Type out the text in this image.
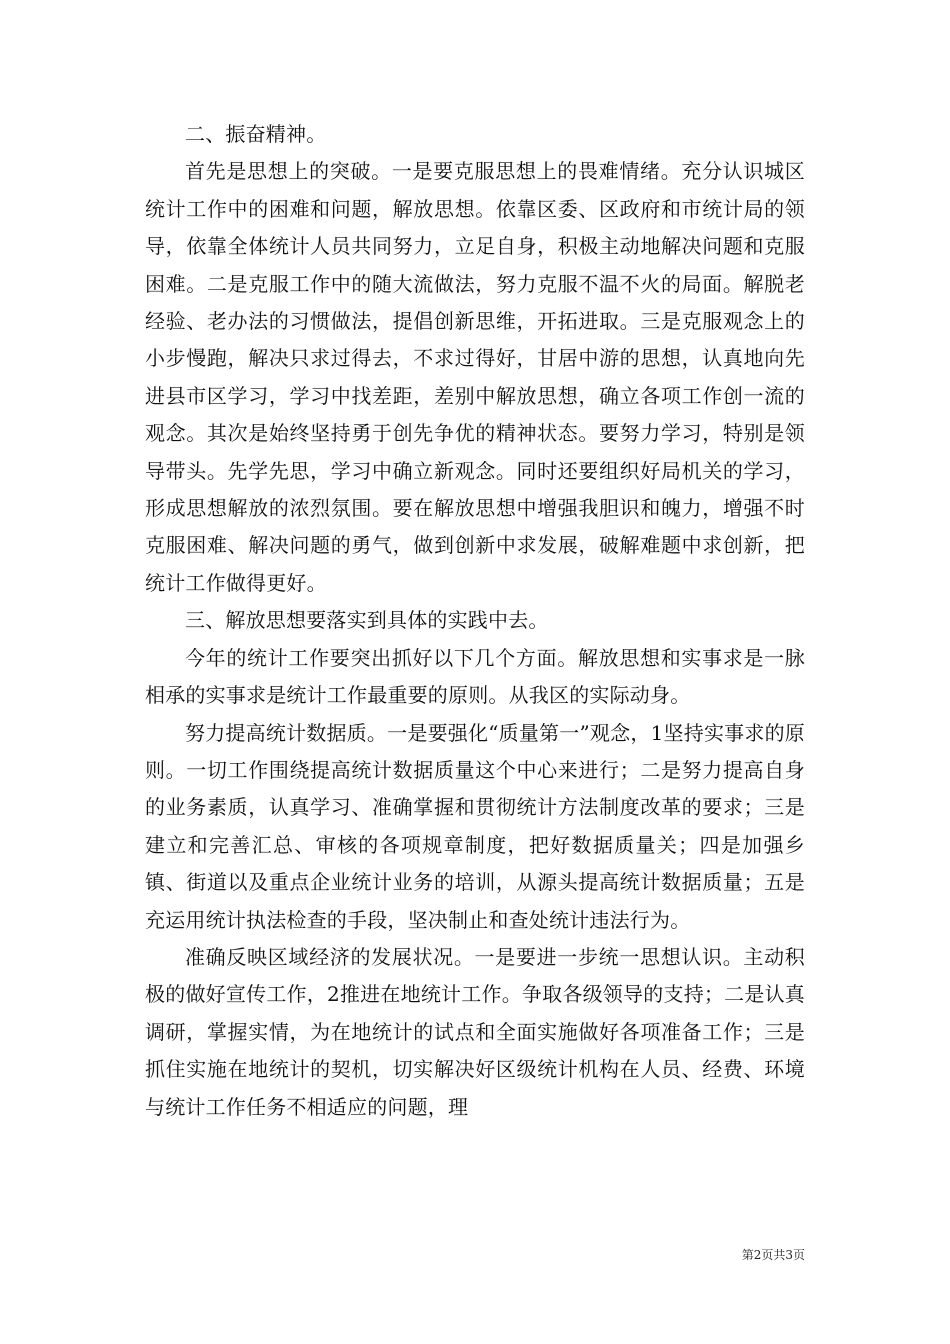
二、振奋精神。

首先是思想上的突破。一是要克服思想上的畏难情绪。充分认识城区统计工作中的困难和问题，解放思想。依靠区委、区政府和市统计局的领导，依靠全体统计人员共同努力，立足自身，积极主动地解决问题和克服困难。二是克服工作中的随大流做法，努力克服不温不火的局面。解脱老经验、老办法的习惯做法，提倡创新思维，开拓进取。三是克服观念上的小步慢跑，解决只求过得去，不求过得好，甘居中游的思想，认真地向先进县市区学习，学习中找差距，差别中解放思想，确立各项工作创一流的观念。其次是始终坚持勇于创先争优的精神状态。要努力学习，特别是领导带头。先学先思，学习中确立新观念。同时还要组织好局机关的学习，形成思想解放的浓烈氛围。要在解放思想中增强我胆识和魄力，增强不时克服困难、解决问题的勇气，做到创新中求发展，破解难题中求创新，把统计工作做得更好。

三、解放思想要落实到具体的实践中去。

今年的统计工作要突出抓好以下几个方面。解放思想和实事求是一脉相承的实事求是统计工作最重要的原则。从我区的实际动身。

努力提高统计数据质。一是要强化“质量第一”观念，1坚持实事求的原则。一切工作围绕提高统计数据质量这个中心来进行；二是努力提高自身的业务素质，认真学习、准确掌握和贯彻统计方法制度改革的要求；三是建立和完善汇总、审核的各项规章制度，把好数据质量关；四是加强乡镇、街道以及重点企业统计业务的培训，从源头提高统计数据质量；五是充运用统计执法检查的手段，坚决制止和查处统计违法行为。

准确反映区域经济的发展状况。一是要进一步统一思想认识。主动积极的做好宣传工作，2推进在地统计工作。争取各级领导的支持；二是认真调研，掌握实情，为在地统计的试点和全面实施做好各项准备工作；三是抓住实施在地统计的契机，切实解决好区级统计机构在人员、经费、环境与统计工作任务不相适应的问题，理

第2页共3页
